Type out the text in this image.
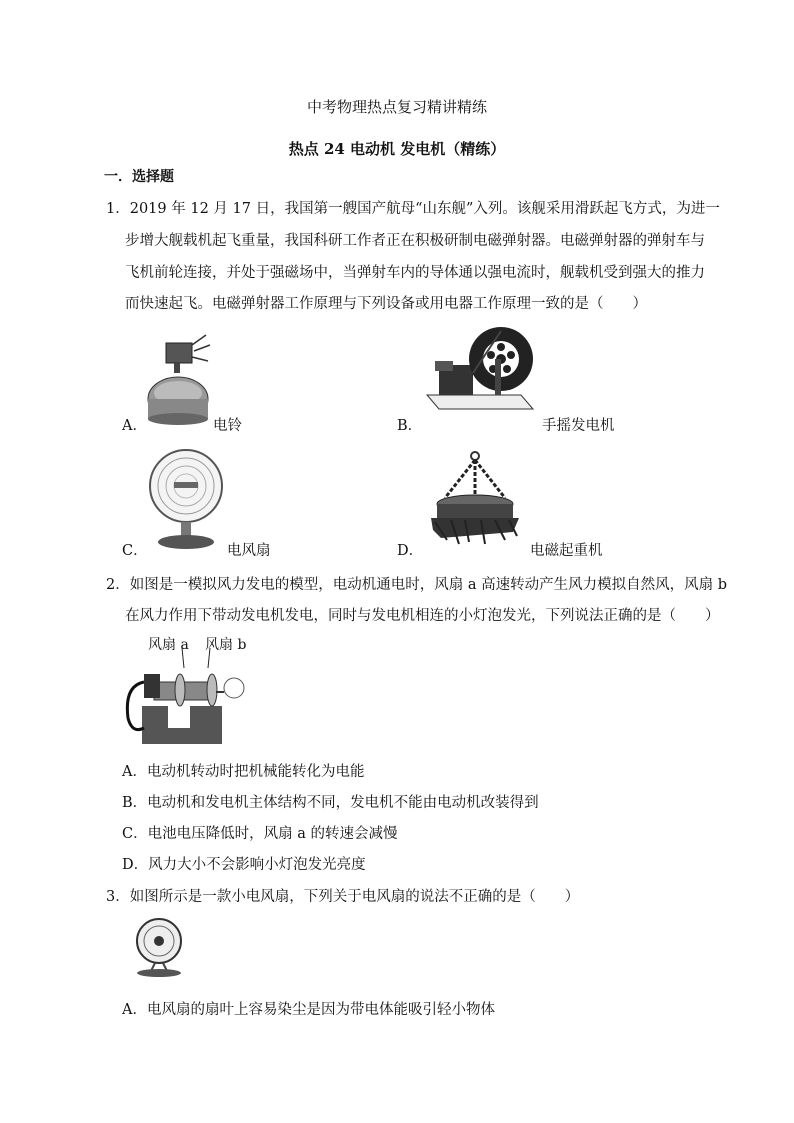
中考物理热点复习精讲精练
热点 24 电动机 发电机（精练）
一．选择题
1．2019 年 12 月 17 日，我国第一艘国产航母“山东舰”入列。该舰采用滑跃起飞方式，为进一
步增大舰载机起飞重量，我国科研工作者正在积极研制电磁弹射器。电磁弹射器的弹射车与
飞机前轮连接，并处于强磁场中，当弹射车内的导体通以强电流时，舰载机受到强大的推力
而快速起飞。电磁弹射器工作原理与下列设备或用电器工作原理一致的是（　　）
A．	电铃	B．	手摇发电机
C．	电风扇	D．	电磁起重机
2．如图是一模拟风力发电的模型，电动机通电时，风扇 a 高速转动产生风力模拟自然风，风扇 b
在风力作用下带动发电机发电，同时与发电机相连的小灯泡发光，下列说法正确的是（　　）
风扇 a 风扇 b
A．电动机转动时把机械能转化为电能
B．电动机和发电机主体结构不同，发电机不能由电动机改装得到
C．电池电压降低时，风扇 a 的转速会减慢
D．风力大小不会影响小灯泡发光亮度
3．如图所示是一款小电风扇，下列关于电风扇的说法不正确的是（　　）
A．电风扇的扇叶上容易染尘是因为带电体能吸引轻小物体
